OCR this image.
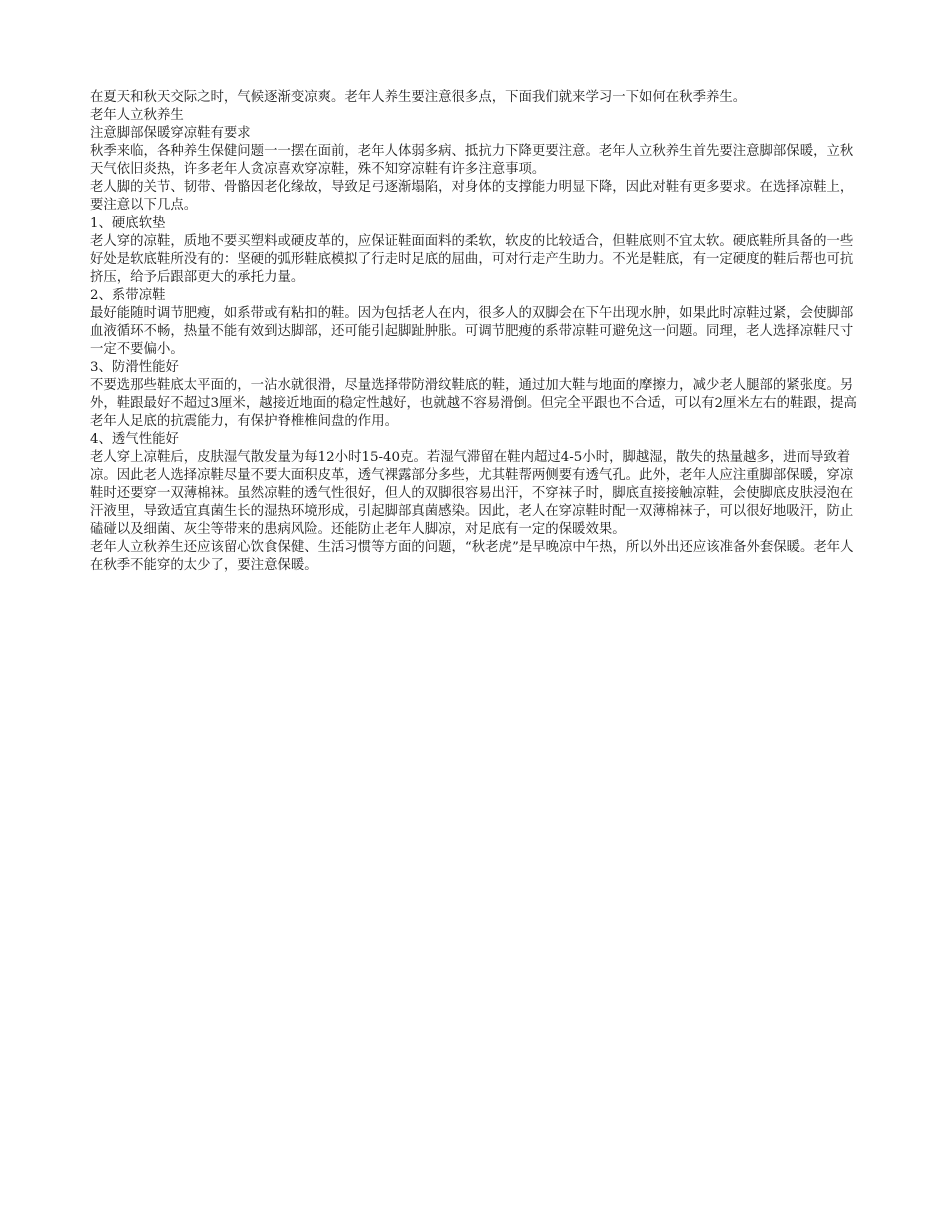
在夏天和秋天交际之时，气候逐渐变凉爽。老年人养生要注意很多点，下面我们就来学习一下如何在秋季养生。

老年人立秋养生

注意脚部保暖穿凉鞋有要求

秋季来临，各种养生保健问题一一摆在面前，老年人体弱多病、抵抗力下降更要注意。老年人立秋养生首先要注意脚部保暖，立秋天气依旧炎热，许多老年人贪凉喜欢穿凉鞋，殊不知穿凉鞋有许多注意事项。

老人脚的关节、韧带、骨骼因老化缘故，导致足弓逐渐塌陷，对身体的支撑能力明显下降，因此对鞋有更多要求。在选择凉鞋上，要注意以下几点。

1、硬底软垫

老人穿的凉鞋，质地不要买塑料或硬皮革的，应保证鞋面面料的柔软，软皮的比较适合，但鞋底则不宜太软。硬底鞋所具备的一些好处是软底鞋所没有的：坚硬的弧形鞋底模拟了行走时足底的屈曲，可对行走产生助力。不光是鞋底，有一定硬度的鞋后帮也可抗挤压，给予后跟部更大的承托力量。

2、系带凉鞋

最好能随时调节肥瘦，如系带或有粘扣的鞋。因为包括老人在内，很多人的双脚会在下午出现水肿，如果此时凉鞋过紧，会使脚部血液循环不畅，热量不能有效到达脚部，还可能引起脚趾肿胀。可调节肥瘦的系带凉鞋可避免这一问题。同理，老人选择凉鞋尺寸一定不要偏小。

3、防滑性能好

不要选那些鞋底太平面的，一沾水就很滑，尽量选择带防滑纹鞋底的鞋，通过加大鞋与地面的摩擦力，减少老人腿部的紧张度。另外，鞋跟最好不超过3厘米，越接近地面的稳定性越好，也就越不容易滑倒。但完全平跟也不合适，可以有2厘米左右的鞋跟，提高老年人足底的抗震能力，有保护脊椎椎间盘的作用。

4、透气性能好

老人穿上凉鞋后，皮肤湿气散发量为每12小时15-40克。若湿气滞留在鞋内超过4-5小时，脚越湿，散失的热量越多，进而导致着凉。因此老人选择凉鞋尽量不要大面积皮革，透气裸露部分多些，尤其鞋帮两侧要有透气孔。此外，老年人应注重脚部保暖，穿凉鞋时还要穿一双薄棉袜。虽然凉鞋的透气性很好，但人的双脚很容易出汗，不穿袜子时，脚底直接接触凉鞋，会使脚底皮肤浸泡在汗液里，导致适宜真菌生长的湿热环境形成，引起脚部真菌感染。因此，老人在穿凉鞋时配一双薄棉袜子，可以很好地吸汗，防止磕碰以及细菌、灰尘等带来的患病风险。还能防止老年人脚凉，对足底有一定的保暖效果。

老年人立秋养生还应该留心饮食保健、生活习惯等方面的问题，“秋老虎”是早晚凉中午热，所以外出还应该准备外套保暖。老年人在秋季不能穿的太少了，要注意保暖。
